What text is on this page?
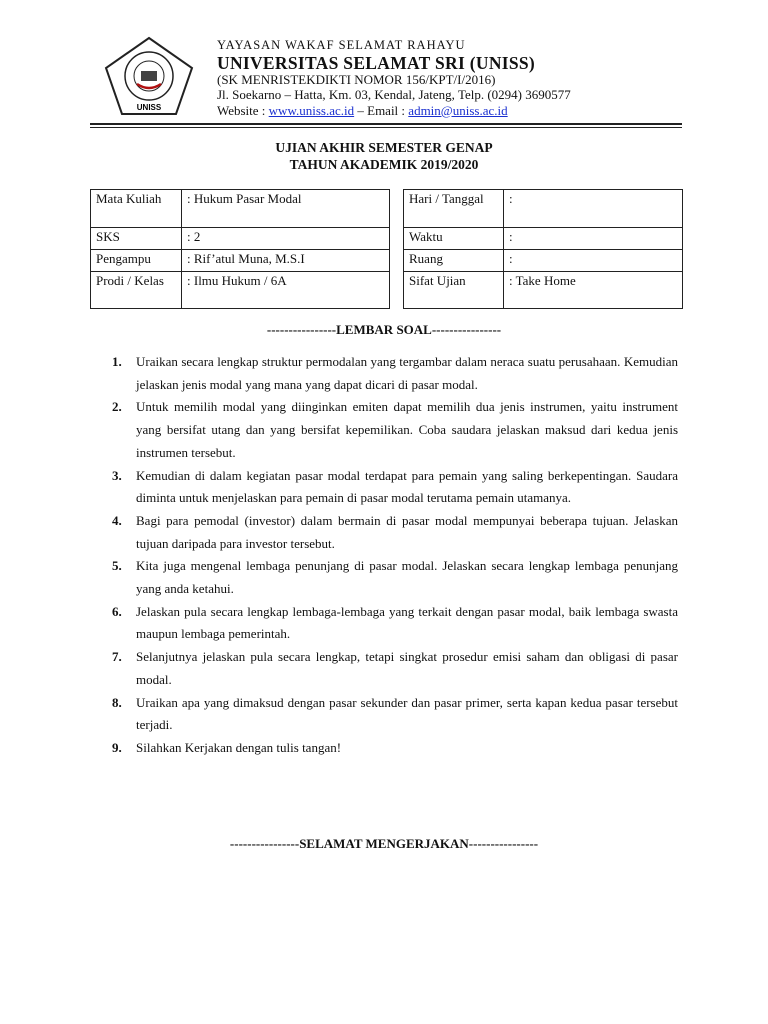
UNISS
YAYASAN WAKAF SELAMAT RAHAYU
UNIVERSITAS SELAMAT SRI (UNISS)
(SK MENRISTEKDIKTI NOMOR 156/KPT/I/2016)
Jl. Soekarno – Hatta, Km. 03, Kendal, Jateng, Telp. (0294) 3690577
Website : www.uniss.ac.id – Email : admin@uniss.ac.id
UJIAN AKHIR SEMESTER GENAP
TAHUN AKADEMIK 2019/2020
Mata Kuliah	: Hukum Pasar Modal		Hari / Tanggal	:
SKS	: 2		Waktu	:
Pengampu	: Rif’atul Muna, M.S.I		Ruang	:
Prodi / Kelas	: Ilmu Hukum / 6A		Sifat Ujian	: Take Home
----------------LEMBAR SOAL----------------
1. Uraikan secara lengkap struktur permodalan yang tergambar dalam neraca suatu perusahaan. Kemudian jelaskan jenis modal yang mana yang dapat dicari di pasar modal.
2. Untuk memilih modal yang diinginkan emiten dapat memilih dua jenis instrumen, yaitu instrument yang bersifat utang dan yang bersifat kepemilikan. Coba saudara jelaskan maksud dari kedua jenis instrumen tersebut.
3. Kemudian di dalam kegiatan pasar modal terdapat para pemain yang saling berkepentingan. Saudara diminta untuk menjelaskan para pemain di pasar modal terutama pemain utamanya.
4. Bagi para pemodal (investor) dalam bermain di pasar modal mempunyai beberapa tujuan. Jelaskan tujuan daripada para investor tersebut.
5. Kita juga mengenal lembaga penunjang di pasar modal. Jelaskan secara lengkap lembaga penunjang yang anda ketahui.
6. Jelaskan pula secara lengkap lembaga-lembaga yang terkait dengan pasar modal, baik lembaga swasta maupun lembaga pemerintah.
7. Selanjutnya jelaskan pula secara lengkap, tetapi singkat prosedur emisi saham dan obligasi di pasar modal.
8. Uraikan apa yang dimaksud dengan pasar sekunder dan pasar primer, serta kapan kedua pasar tersebut terjadi.
9. Silahkan Kerjakan dengan tulis tangan!
----------------SELAMAT MENGERJAKAN----------------
